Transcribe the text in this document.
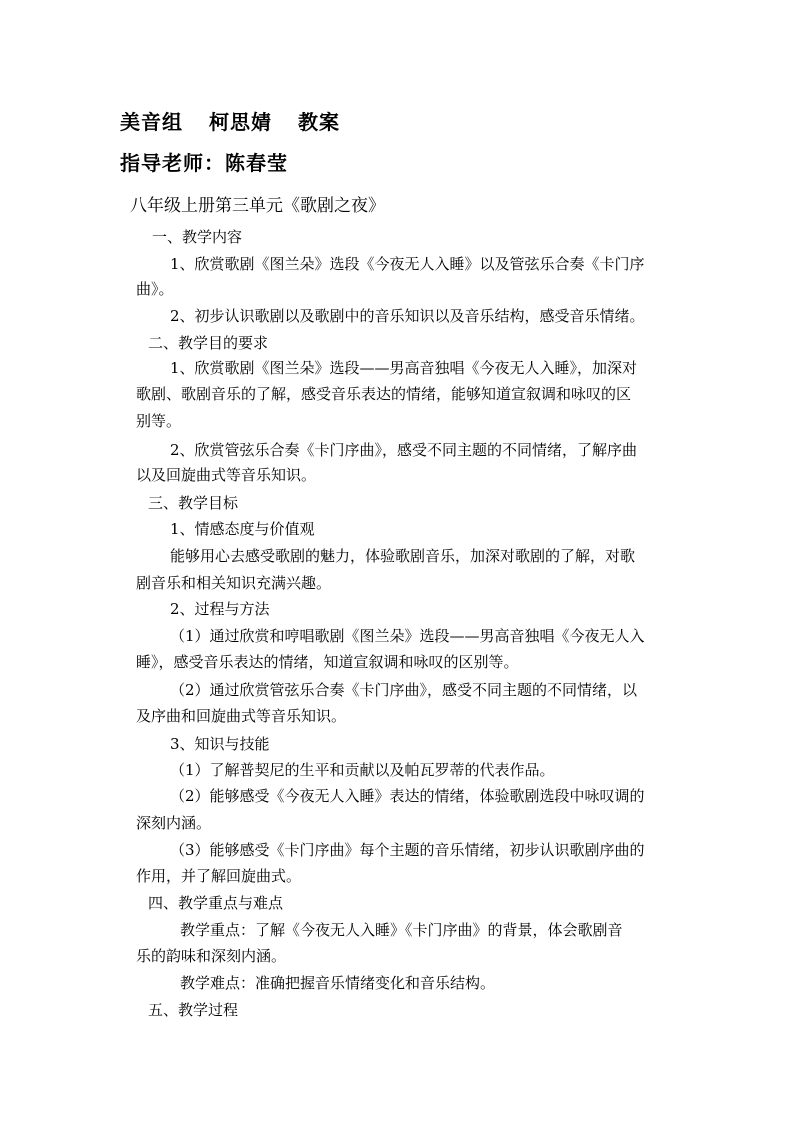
美音组 柯思婧 教案
指导老师：陈春莹
八年级上册第三单元《歌剧之夜》
一、教学内容
1、欣赏歌剧《图兰朵》选段《今夜无人入睡》以及管弦乐合奏《卡门序
曲》。
2、初步认识歌剧以及歌剧中的音乐知识以及音乐结构，感受音乐情绪。
二、教学目的要求
1、欣赏歌剧《图兰朵》选段——男高音独唱《今夜无人入睡》，加深对
歌剧、歌剧音乐的了解，感受音乐表达的情绪，能够知道宣叙调和咏叹的区
别等。
2、欣赏管弦乐合奏《卡门序曲》，感受不同主题的不同情绪，了解序曲
以及回旋曲式等音乐知识。
三、教学目标
1、情感态度与价值观
能够用心去感受歌剧的魅力，体验歌剧音乐，加深对歌剧的了解，对歌
剧音乐和相关知识充满兴趣。
2、过程与方法
（1）通过欣赏和哼唱歌剧《图兰朵》选段——男高音独唱《今夜无人入
睡》，感受音乐表达的情绪，知道宣叙调和咏叹的区别等。
（2）通过欣赏管弦乐合奏《卡门序曲》，感受不同主题的不同情绪，以
及序曲和回旋曲式等音乐知识。
3、知识与技能
（1）了解普契尼的生平和贡献以及帕瓦罗蒂的代表作品。
（2）能够感受《今夜无人入睡》表达的情绪，体验歌剧选段中咏叹调的
深刻内涵。
（3）能够感受《卡门序曲》每个主题的音乐情绪，初步认识歌剧序曲的
作用，并了解回旋曲式。
四、教学重点与难点
教学重点：了解《今夜无人入睡》《卡门序曲》的背景，体会歌剧音
乐的韵味和深刻内涵。
教学难点：准确把握音乐情绪变化和音乐结构。
五、教学过程
